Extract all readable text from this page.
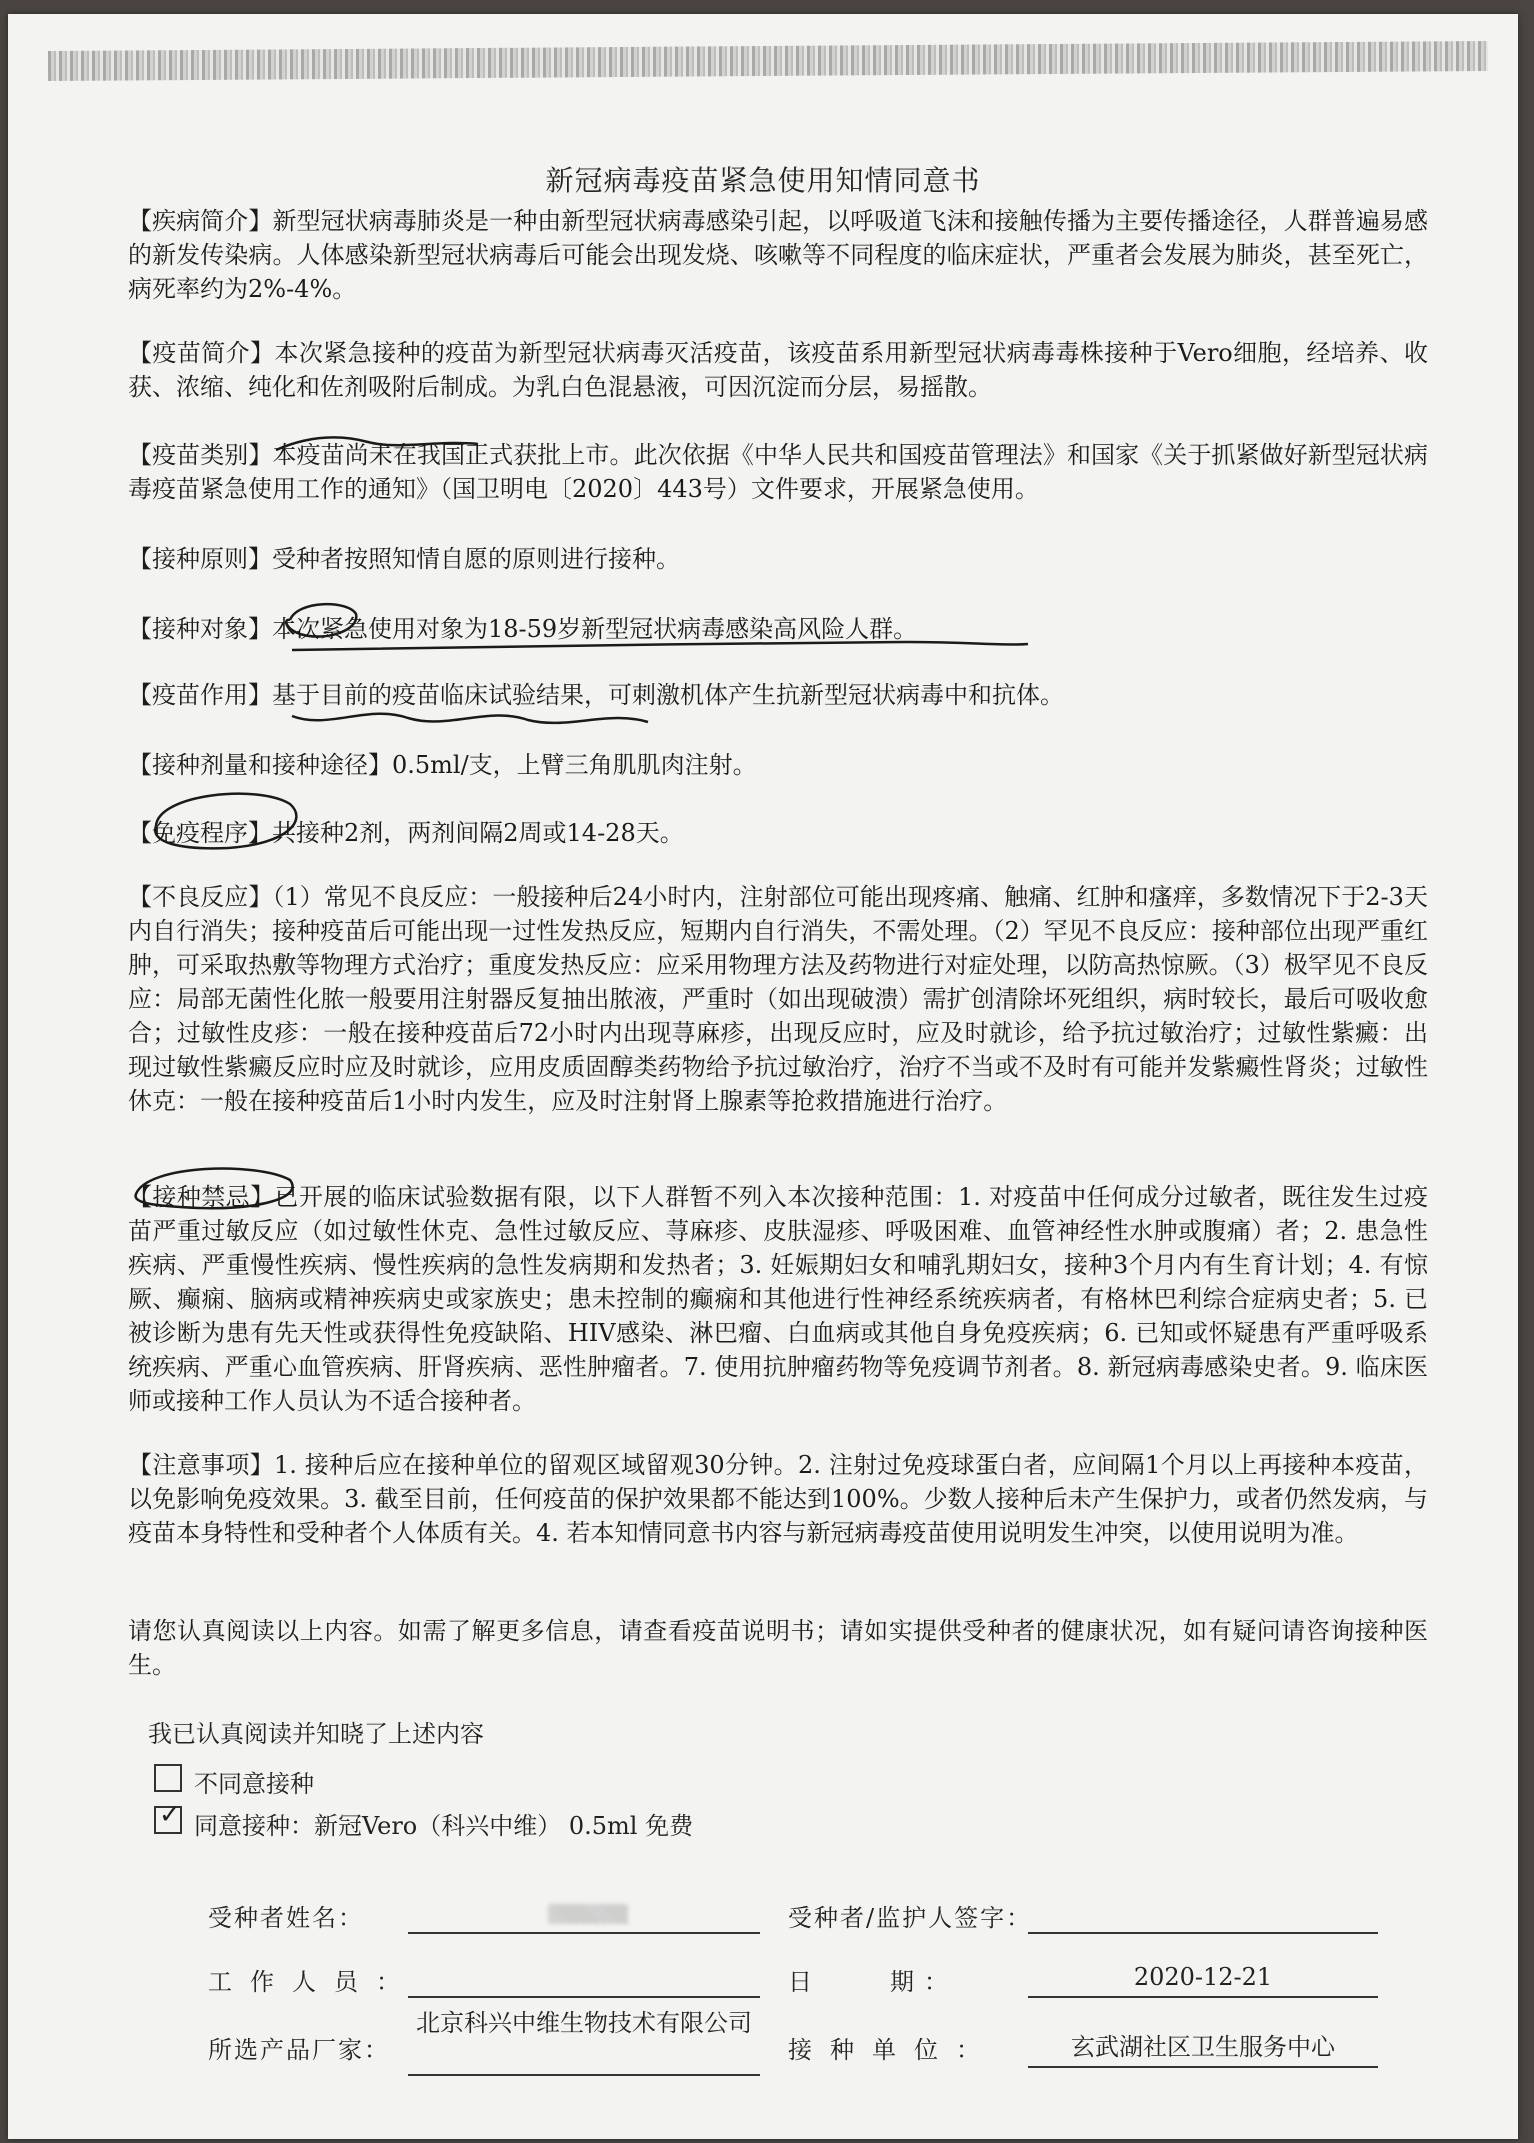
新冠病毒疫苗紧急使用知情同意书
【疾病简介】新型冠状病毒肺炎是一种由新型冠状病毒感染引起，以呼吸道飞沫和接触传播为主要传播途径，人群普遍易感的新发传染病。人体感染新型冠状病毒后可能会出现发烧、咳嗽等不同程度的临床症状，严重者会发展为肺炎，甚至死亡，病死率约为2%-4%。
【疫苗简介】本次紧急接种的疫苗为新型冠状病毒灭活疫苗，该疫苗系用新型冠状病毒毒株接种于Vero细胞，经培养、收获、浓缩、纯化和佐剂吸附后制成。为乳白色混悬液，可因沉淀而分层，易摇散。
【疫苗类别】本疫苗尚未在我国正式获批上市。此次依据《中华人民共和国疫苗管理法》和国家《关于抓紧做好新型冠状病毒疫苗紧急使用工作的通知》（国卫明电〔2020〕443号）文件要求，开展紧急使用。
【接种原则】受种者按照知情自愿的原则进行接种。
【接种对象】本次紧急使用对象为18-59岁新型冠状病毒感染高风险人群。
【疫苗作用】基于目前的疫苗临床试验结果，可刺激机体产生抗新型冠状病毒中和抗体。
【接种剂量和接种途径】0.5ml/支，上臂三角肌肌肉注射。
【免疫程序】共接种2剂，两剂间隔2周或14-28天。
【不良反应】（1）常见不良反应：一般接种后24小时内，注射部位可能出现疼痛、触痛、红肿和瘙痒，多数情况下于2-3天内自行消失；接种疫苗后可能出现一过性发热反应，短期内自行消失，不需处理。（2）罕见不良反应：接种部位出现严重红肿，可采取热敷等物理方式治疗；重度发热反应：应采用物理方法及药物进行对症处理，以防高热惊厥。（3）极罕见不良反应：局部无菌性化脓一般要用注射器反复抽出脓液，严重时（如出现破溃）需扩创清除坏死组织，病时较长，最后可吸收愈合；过敏性皮疹：一般在接种疫苗后72小时内出现荨麻疹，出现反应时，应及时就诊，给予抗过敏治疗；过敏性紫癜：出现过敏性紫癜反应时应及时就诊，应用皮质固醇类药物给予抗过敏治疗，治疗不当或不及时有可能并发紫癜性肾炎；过敏性休克：一般在接种疫苗后1小时内发生，应及时注射肾上腺素等抢救措施进行治疗。
【接种禁忌】已开展的临床试验数据有限，以下人群暂不列入本次接种范围：1. 对疫苗中任何成分过敏者，既往发生过疫苗严重过敏反应（如过敏性休克、急性过敏反应、荨麻疹、皮肤湿疹、呼吸困难、血管神经性水肿或腹痛）者；2. 患急性疾病、严重慢性疾病、慢性疾病的急性发病期和发热者；3. 妊娠期妇女和哺乳期妇女，接种3个月内有生育计划；4. 有惊厥、癫痫、脑病或精神疾病史或家族史；患未控制的癫痫和其他进行性神经系统疾病者，有格林巴利综合症病史者；5. 已被诊断为患有先天性或获得性免疫缺陷、HIV感染、淋巴瘤、白血病或其他自身免疫疾病；6. 已知或怀疑患有严重呼吸系统疾病、严重心血管疾病、肝肾疾病、恶性肿瘤者。7. 使用抗肿瘤药物等免疫调节剂者。8. 新冠病毒感染史者。9. 临床医师或接种工作人员认为不适合接种者。
【注意事项】1. 接种后应在接种单位的留观区域留观30分钟。2. 注射过免疫球蛋白者，应间隔1个月以上再接种本疫苗，以免影响免疫效果。3. 截至目前，任何疫苗的保护效果都不能达到100%。少数人接种后未产生保护力，或者仍然发病，与疫苗本身特性和受种者个人体质有关。4. 若本知情同意书内容与新冠病毒疫苗使用说明发生冲突，以使用说明为准。
请您认真阅读以上内容。如需了解更多信息，请查看疫苗说明书；请如实提供受种者的健康状况，如有疑问请咨询接种医生。
我已认真阅读并知晓了上述内容
不同意接种
✓ 同意接种：新冠Vero（科兴中维） 0.5ml 免费
受种者姓名：	受种者/监护人签字：
工作人员：	日　　期：	2020-12-21
所选产品厂家：
北京科兴中维生物技术有限公司
接种单位：	玄武湖社区卫生服务中心
